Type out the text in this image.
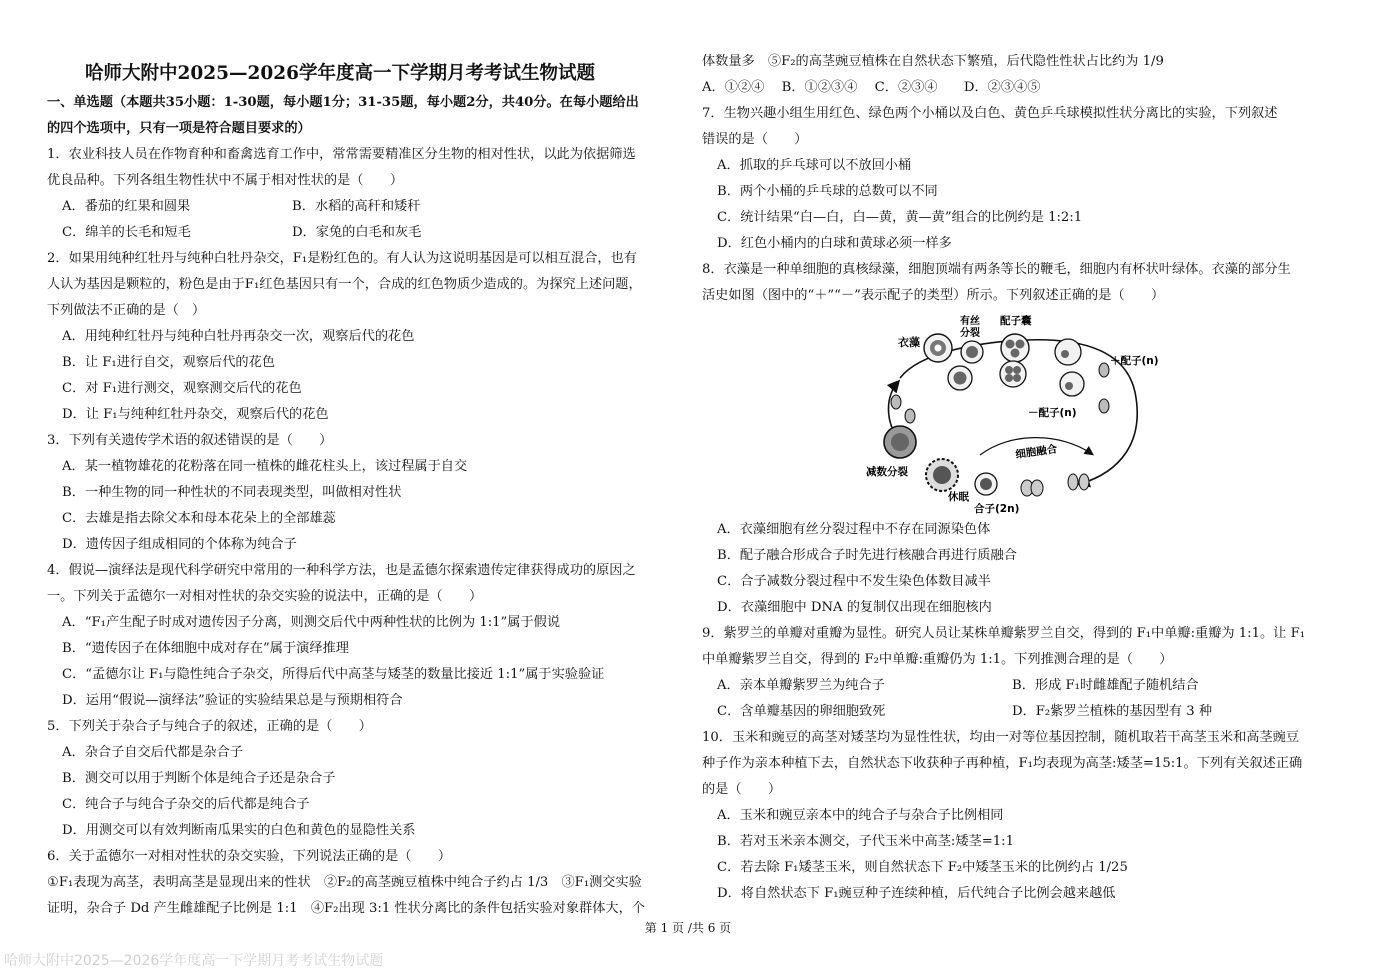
哈师大附中2025—2026学年度高一下学期月考考试生物试题
一、单选题（本题共35小题：1-30题，每小题1分；31-35题，每小题2分，共40分。在每小题给出
的四个选项中，只有一项是符合题目要求的）
1．农业科技人员在作物育种和畜禽选育工作中，常常需要精准区分生物的相对性状，以此为依据筛选
优良品种。下列各组生物性状中不属于相对性状的是（　　）
A．番茄的红果和圆果	B．水稻的高秆和矮秆
C．绵羊的长毛和短毛	D．家兔的白毛和灰毛
2．如果用纯种红牡丹与纯种白牡丹杂交，F₁是粉红色的。有人认为这说明基因是可以相互混合，也有
人认为基因是颗粒的，粉色是由于F₁红色基因只有一个，合成的红色物质少造成的。为探究上述问题，
下列做法不正确的是（　）
A．用纯种红牡丹与纯种白牡丹再杂交一次，观察后代的花色
B．让 F₁进行自交，观察后代的花色
C．对 F₁进行测交，观察测交后代的花色
D．让 F₁与纯种红牡丹杂交，观察后代的花色
3．下列有关遗传学术语的叙述错误的是（　　）
A．某一植物雄花的花粉落在同一植株的雌花柱头上，该过程属于自交
B．一种生物的同一种性状的不同表现类型，叫做相对性状
C．去雄是指去除父本和母本花朵上的全部雄蕊
D．遗传因子组成相同的个体称为纯合子
4．假说—演绎法是现代科学研究中常用的一种科学方法，也是孟德尔探索遗传定律获得成功的原因之
一。下列关于孟德尔一对相对性状的杂交实验的说法中，正确的是（　　）
A．“F₁产生配子时成对遗传因子分离，则测交后代中两种性状的比例为 1:1”属于假说
B．“遗传因子在体细胞中成对存在”属于演绎推理
C．“孟德尔让 F₁与隐性纯合子杂交，所得后代中高茎与矮茎的数量比接近 1:1”属于实验验证
D．运用“假说—演绎法”验证的实验结果总是与预期相符合
5．下列关于杂合子与纯合子的叙述，正确的是（　　）
A．杂合子自交后代都是杂合子
B．测交可以用于判断个体是纯合子还是杂合子
C．纯合子与纯合子杂交的后代都是纯合子
D．用测交可以有效判断南瓜果实的白色和黄色的显隐性关系
6．关于孟德尔一对相对性状的杂交实验，下列说法正确的是（　　）
①F₁表现为高茎，表明高茎是显现出来的性状　②F₂的高茎豌豆植株中纯合子约占 1/3　③F₁测交实验
证明，杂合子 Dd 产生雌雄配子比例是 1:1　④F₂出现 3:1 性状分离比的条件包括实验对象群体大，个
体数量多　⑤F₂的高茎豌豆植株在自然状态下繁殖，后代隐性性状占比约为 1/9
A．①②④　 B．①②③④　 C．②③④　　D．②③④⑤
7．生物兴趣小组生用红色、绿色两个小桶以及白色、黄色乒乓球模拟性状分离比的实验，下列叙述
错误的是（　　）
A．抓取的乒乓球可以不放回小桶
B．两个小桶的乒乓球的总数可以不同
C．统计结果“白—白，白—黄，黄—黄”组合的比例约是 1:2:1
D．红色小桶内的白球和黄球必须一样多
8．衣藻是一种单细胞的真核绿藻，细胞顶端有两条等长的鞭毛，细胞内有杯状叶绿体。衣藻的部分生
活史如图（图中的“＋”“－”表示配子的类型）所示。下列叙述正确的是（　　）
衣藻
有丝
分裂
配子囊
＋配子(n)
－配子(n)
细胞融合
减数分裂
休眠
合子(2n)
A．衣藻细胞有丝分裂过程中不存在同源染色体
B．配子融合形成合子时先进行核融合再进行质融合
C．合子减数分裂过程中不发生染色体数目减半
D．衣藻细胞中 DNA 的复制仅出现在细胞核内
9．紫罗兰的单瓣对重瓣为显性。研究人员让某株单瓣紫罗兰自交，得到的 F₁中单瓣:重瓣为 1:1。让 F₁
中单瓣紫罗兰自交，得到的 F₂中单瓣:重瓣仍为 1:1。下列推测合理的是（　　）
A．亲本单瓣紫罗兰为纯合子	B．形成 F₁时雌雄配子随机结合
C．含单瓣基因的卵细胞致死	D．F₂紫罗兰植株的基因型有 3 种
10．玉米和豌豆的高茎对矮茎均为显性性状，均由一对等位基因控制，随机取若干高茎玉米和高茎豌豆
种子作为亲本种植下去，自然状态下收获种子再种植，F₁均表现为高茎:矮茎=15:1。下列有关叙述正确
的是（　　）
A．玉米和豌豆亲本中的纯合子与杂合子比例相同
B．若对玉米亲本测交，子代玉米中高茎:矮茎=1:1
C．若去除 F₁矮茎玉米，则自然状态下 F₂中矮茎玉米的比例约占 1/25
D．将自然状态下 F₁豌豆种子连续种植，后代纯合子比例会越来越低
第 1 页 /共 6 页
哈师大附中2025—2026学年度高一下学期月考考试生物试题
